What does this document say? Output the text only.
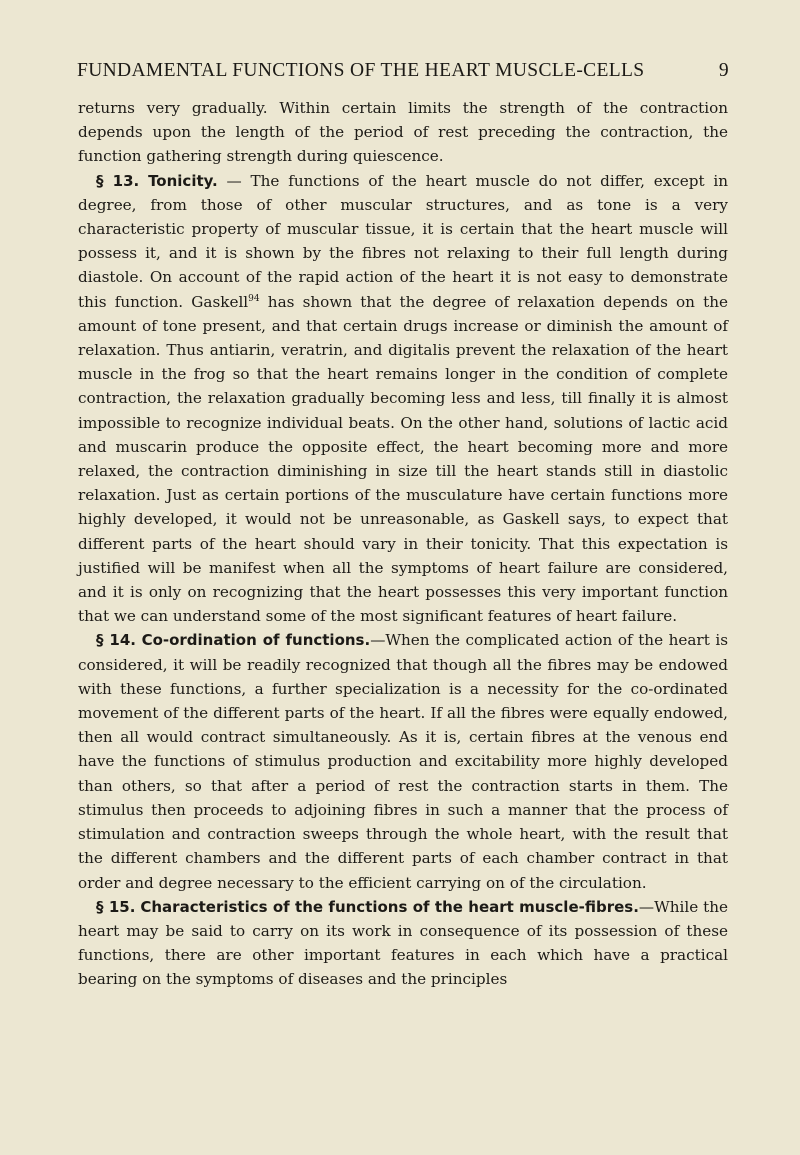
FUNDAMENTAL FUNCTIONS OF THE HEART MUSCLE-CELLS	9

returns very gradually. Within certain limits the strength of the contraction depends upon the length of the period of rest preceding the contraction, the function gathering strength during quiescence.

§ 13. Tonicity. — The functions of the heart muscle do not differ, except in degree, from those of other muscular structures, and as tone is a very characteristic property of muscular tissue, it is certain that the heart muscle will possess it, and it is shown by the fibres not relaxing to their full length during diastole. On account of the rapid action of the heart it is not easy to demonstrate this function. Gaskell$^{94}$ has shown that the degree of relaxation depends on the amount of tone present, and that certain drugs increase or diminish the amount of relaxation. Thus antiarin, veratrin, and digitalis prevent the relaxation of the heart muscle in the frog so that the heart remains longer in the condition of complete contraction, the relaxation gradually becoming less and less, till finally it is almost impossible to recognize individual beats. On the other hand, solutions of lactic acid and muscarin produce the opposite effect, the heart becoming more and more relaxed, the contraction diminishing in size till the heart stands still in diastolic relaxation. Just as certain portions of the musculature have certain functions more highly developed, it would not be unreasonable, as Gaskell says, to expect that different parts of the heart should vary in their tonicity. That this expectation is justified will be manifest when all the symptoms of heart failure are considered, and it is only on recognizing that the heart possesses this very important function that we can understand some of the most significant features of heart failure.

§ 14. Co-ordination of functions.—When the complicated action of the heart is considered, it will be readily recognized that though all the fibres may be endowed with these functions, a further specialization is a necessity for the co-ordinated movement of the different parts of the heart. If all the fibres were equally endowed, then all would contract simultaneously. As it is, certain fibres at the venous end have the functions of stimulus production and excitability more highly developed than others, so that after a period of rest the contraction starts in them. The stimulus then proceeds to adjoining fibres in such a manner that the process of stimulation and contraction sweeps through the whole heart, with the result that the different chambers and the different parts of each chamber contract in that order and degree necessary to the efficient carrying on of the circulation.

§ 15. Characteristics of the functions of the heart muscle-fibres.—While the heart may be said to carry on its work in consequence of its possession of these functions, there are other important features in each which have a practical bearing on the symptoms of diseases and the principles
